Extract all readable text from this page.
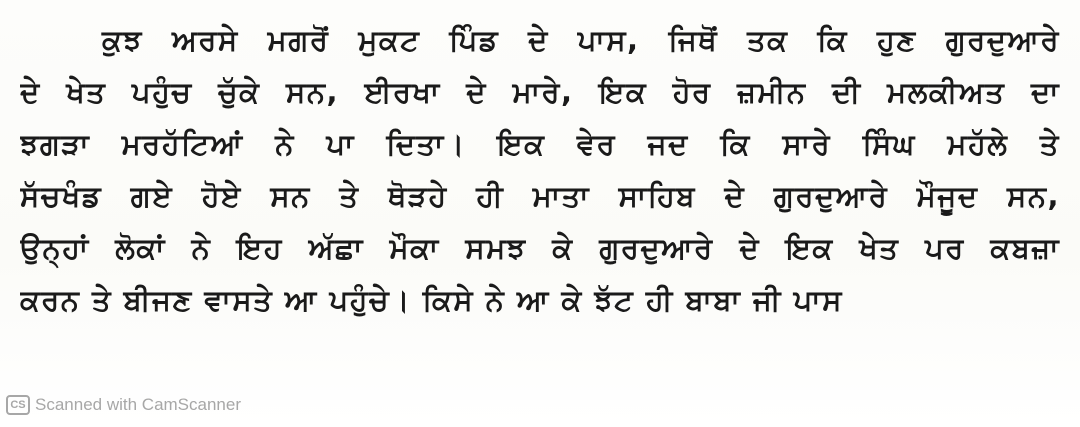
ਕੁਝ ਅਰਸੇ ਮਗਰੋਂ ਮੁਕਟ ਪਿੰਡ ਦੇ ਪਾਸ, ਜਿਥੋਂ ਤਕ ਕਿ ਹੁਣ ਗੁਰਦੁਆਰੇ
ਦੇ ਖੇਤ ਪਹੁੰਚ ਚੁੱਕੇ ਸਨ, ਈਰਖਾ ਦੇ ਮਾਰੇ, ਇਕ ਹੋਰ ਜ਼ਮੀਨ ਦੀ ਮਲਕੀਅਤ ਦਾ
ਝਗੜਾ ਮਰਹੱਟਿਆਂ ਨੇ ਪਾ ਦਿਤਾ। ਇਕ ਵੇਰ ਜਦ ਕਿ ਸਾਰੇ ਸਿੰਘ ਮਹੱਲੇ ਤੇ
ਸੱਚਖੰਡ ਗਏ ਹੋਏ ਸਨ ਤੇ ਥੋੜਹੇ ਹੀ ਮਾਤਾ ਸਾਹਿਬ ਦੇ ਗੁਰਦੁਆਰੇ ਮੌਜੂਦ ਸਨ,
ਉਨ੍ਹਾਂ ਲੋਕਾਂ ਨੇ ਇਹ ਅੱਛਾ ਮੌਕਾ ਸਮਝ ਕੇ ਗੁਰਦੁਆਰੇ ਦੇ ਇਕ ਖੇਤ ਪਰ ਕਬਜ਼ਾ
ਕਰਨ ਤੇ ਬੀਜਣ ਵਾਸਤੇ ਆ ਪਹੁੰਚੇ। ਕਿਸੇ ਨੇ ਆ ਕੇ ਝੱਟ ਹੀ ਬਾਬਾ ਜੀ ਪਾਸ
CS Scanned with CamScanner
